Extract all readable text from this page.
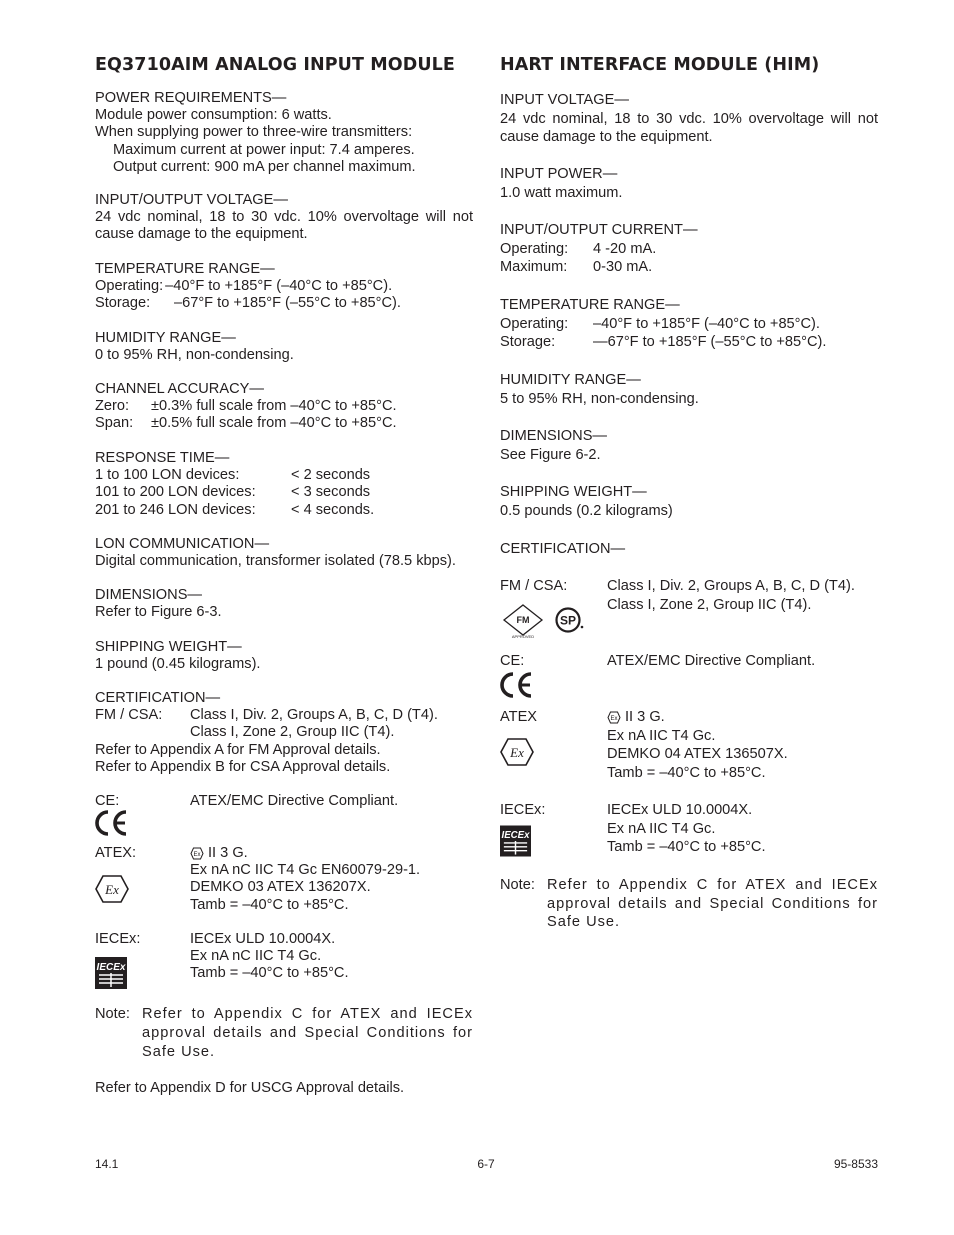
EQ3710AIM ANALOG INPUT MODULE
POWER REQUIREMENTS—
Module power consumption: 6 watts.
When supplying power to three-wire transmitters:
Maximum current at power input: 7.4 amperes.
Output current: 900 mA per channel maximum.
INPUT/OUTPUT VOLTAGE—
24 vdc nominal, 18 to 30 vdc. 10% overvoltage will not cause damage to the equipment.
TEMPERATURE RANGE—
Operating: –40°F to +185°F (–40°C to +85°C).
Storage:	–67°F to +185°F (–55°C to +85°C).
HUMIDITY RANGE—
0 to 95% RH, non-condensing.
CHANNEL ACCURACY—
Zero:	±0.3% full scale from –40°C to +85°C.
Span:	±0.5% full scale from –40°C to +85°C.
RESPONSE TIME—
1 to 100 LON devices:	< 2 seconds
101 to 200 LON devices:	< 3 seconds
201 to 246 LON devices:	< 4 seconds.
LON COMMUNICATION—
Digital communication, transformer isolated (78.5 kbps).
DIMENSIONS—
Refer to Figure 6-3.
SHIPPING WEIGHT—
1 pound (0.45 kilograms).
CERTIFICATION—
FM / CSA:	Class I, Div. 2, Groups A, B, C, D (T4).
Class I, Zone 2, Group IIC (T4).
Refer to Appendix A for FM Approval details.
Refer to Appendix B for CSA Approval details.
CE:	ATEX/EMC Directive Compliant.
ATEX:	Ex II 3 G.
Ex nA nC IIC T4 Gc EN60079-29-1.
DEMKO 03 ATEX 136207X.
Tamb = –40°C to +85°C.
Ex
IECEx:	IECEx ULD 10.0004X.
Ex nA nC IIC T4 Gc.
Tamb = –40°C to +85°C.
IECEx
Note: Refer to Appendix C for ATEX and IECEx approval details and Special Conditions for Safe Use.
Refer to Appendix D for USCG Approval details.
HART INTERFACE MODULE (HIM)
INPUT VOLTAGE—
24 vdc nominal, 18 to 30 vdc. 10% overvoltage will not cause damage to the equipment.
INPUT POWER—
1.0 watt maximum.
INPUT/OUTPUT CURRENT—
Operating:	4 -20 mA.
Maximum:	0-30 mA.
TEMPERATURE RANGE—
Operating:	–40°F to +185°F (–40°C to +85°C).
Storage:	—67°F to +185°F (–55°C to +85°C).
HUMIDITY RANGE—
5 to 95% RH, non-condensing.
DIMENSIONS—
See Figure 6-2.
SHIPPING WEIGHT—
0.5 pounds (0.2 kilograms)
CERTIFICATION—
FM / CSA:	Class I, Div. 2, Groups A, B, C, D (T4).
Class I, Zone 2, Group IIC (T4).
FM
APPROVED
SP
CE:	ATEX/EMC Directive Compliant.
ATEX	Ex II 3 G.
Ex nA IIC T4 Gc.
DEMKO 04 ATEX 136507X.
Tamb = –40°C to +85°C.
Ex
IECEx:	IECEx ULD 10.0004X.
Ex nA IIC T4 Gc.
Tamb = –40°C to +85°C.
IECEx
Note: Refer to Appendix C for ATEX and IECEx approval details and Special Conditions for Safe Use.
14.1	6-7	95-8533
